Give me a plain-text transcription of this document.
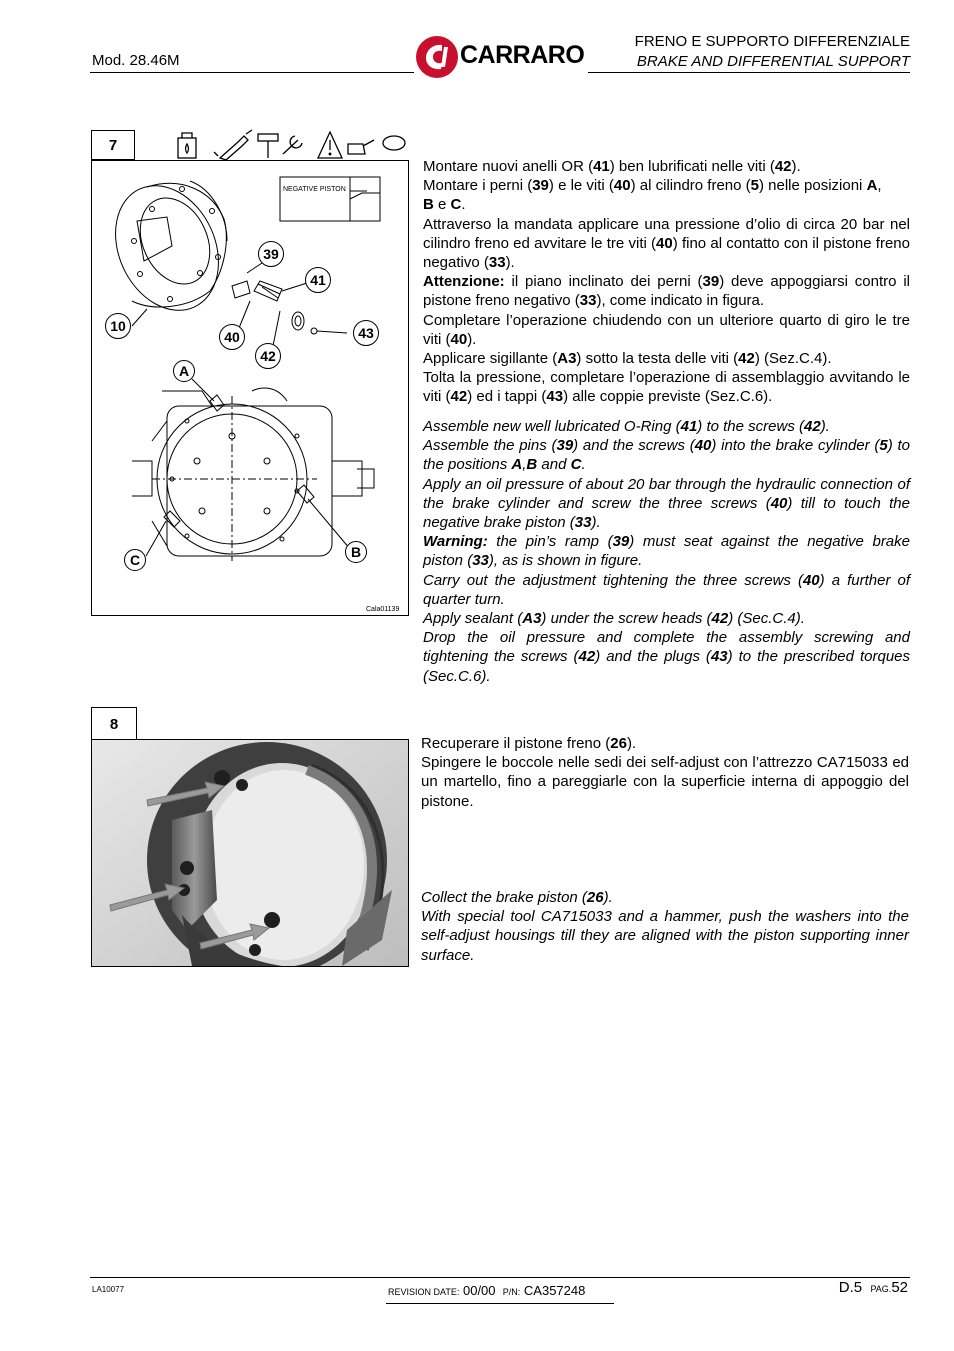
Mod. 28.46M	CARRARO	FRENO E SUPPORTO DIFFERENZIALE
BRAKE AND DIFFERENTIAL SUPPORT
7
NEGATIVE PISTON
Cala01139
39
41
10
40	43
42
A
C	B

Montare nuovi anelli OR (41) ben lubrificati nelle viti (42).

Montare i perni (39) e le viti (40) al cilindro freno (5) nelle posizioni A,
B e C.

Attraverso la mandata applicare una pressione d’olio di circa 20 bar nel cilindro freno ed avvitare le tre viti (40) fino al contatto con il pistone freno negativo (33).

Attenzione: il piano inclinato dei perni (39) deve appoggiarsi contro il pistone freno negativo (33), come indicato in figura.

Completare l’operazione chiudendo con un ulteriore quarto di giro le tre viti (40).

Applicare sigillante (A3) sotto la testa delle viti (42) (Sez.C.4).

Tolta la pressione, completare l’operazione di assemblaggio avvitando le viti (42) ed i tappi (43) alle coppie previste (Sez.C.6).

Assemble new well lubricated O-Ring (41) to the screws (42).

Assemble the pins (39) and the screws (40) into the brake cylinder (5) to the positions A,B and C.

Apply an oil pressure of about 20 bar through the hydraulic connection of the brake cylinder and screw the three screws (40) till to touch the negative brake piston (33).

Warning: the pin’s ramp (39) must seat against the negative brake piston (33), as is shown in figure.

Carry out the adjustment tightening the three screws (40) a further of quarter turn.

Apply sealant (A3) under the screw heads (42) (Sec.C.4).

Drop the oil pressure and complete the assembly screwing and tightening the screws (42) and the plugs (43) to the prescribed torques (Sec.C.6).

8

Recuperare il pistone freno (26).

Spingere le boccole nelle sedi dei self-adjust con l’attrezzo CA715033 ed un martello, fino a pareggiarle con la superficie interna di appoggio del pistone.

Collect the brake piston (26).

With special tool CA715033 and a hammer, push the washers into the self-adjust housings till they are aligned with the piston supporting inner surface.

LA10077	REVISION DATE: 00/00 P/N: CA357248	D.5 PAG.52
